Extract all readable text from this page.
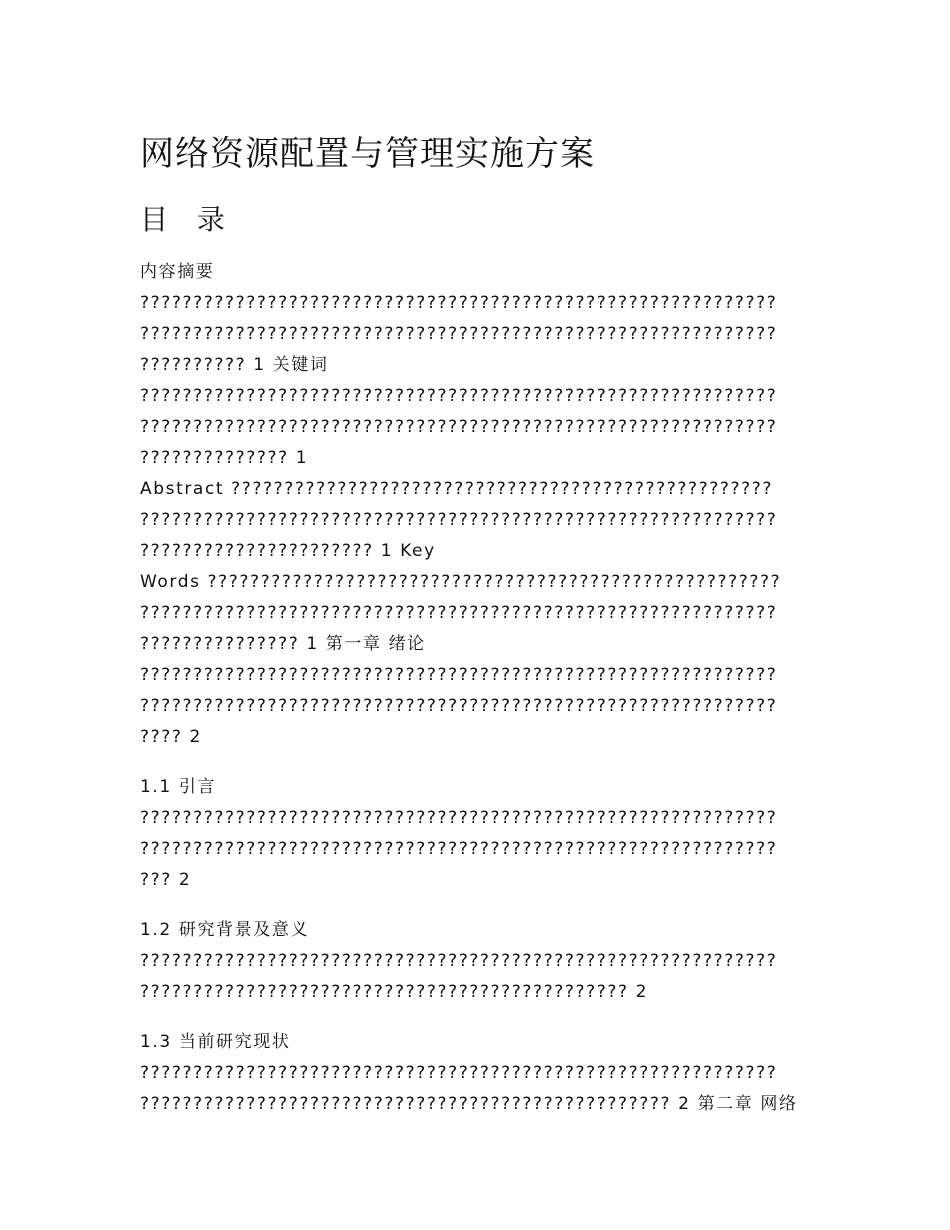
网络资源配置与管理实施方案
目 录

内容摘要
????????????????????????????????????????????????????????????
????????????????????????????????????????????????????????????
?????????? 1 关键词
????????????????????????????????????????????????????????????
????????????????????????????????????????????????????????????
?????????????? 1
Abstract ???????????????????????????????????????????????????
????????????????????????????????????????????????????????????
?????????????????????? 1 Key
Words ??????????????????????????????????????????????????????
????????????????????????????????????????????????????????????
??????????????? 1 第一章 绪论
????????????????????????????????????????????????????????????
????????????????????????????????????????????????????????????
???? 2

1.1 引言
????????????????????????????????????????????????????????????
????????????????????????????????????????????????????????????
??? 2

1.2 研究背景及意义
????????????????????????????????????????????????????????????
?????????????????????????????????????????????? 2

1.3 当前研究现状
????????????????????????????????????????????????????????????
?????????????????????????????????????????????????? 2 第二章 网络
